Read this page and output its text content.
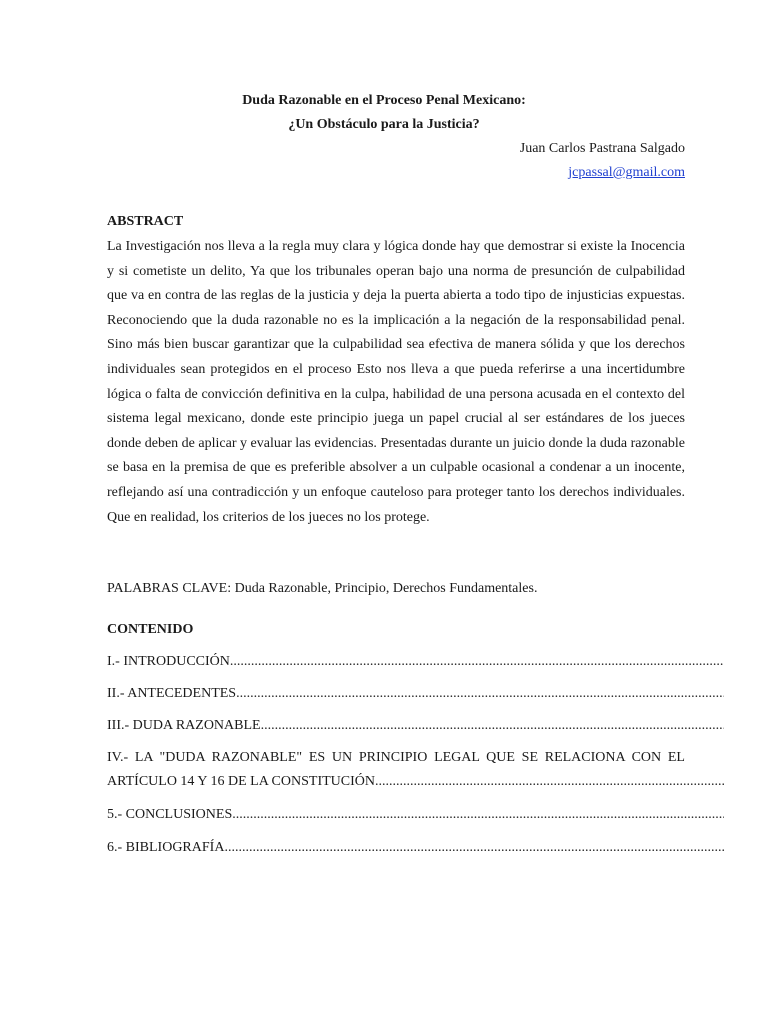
Duda Razonable en el Proceso Penal Mexicano:
¿Un Obstáculo para la Justicia?
Juan Carlos Pastrana Salgado
jcpassal@gmail.com
ABSTRACT

La Investigación nos lleva a la regla muy clara y lógica donde hay que demostrar si existe la Inocencia y si cometiste un delito, Ya que los tribunales operan bajo una norma de presunción de culpabilidad que va en contra de las reglas de la justicia y deja la puerta abierta a todo tipo de injusticias expuestas. Reconociendo que la duda razonable no es la implicación a la negación de la responsabilidad penal. Sino más bien buscar garantizar que la culpabilidad sea efectiva de manera sólida y que los derechos individuales sean protegidos en el proceso Esto nos lleva a que pueda referirse a una incertidumbre lógica o falta de convicción definitiva en la culpa, habilidad de una persona acusada en el contexto del sistema legal mexicano, donde este principio juega un papel crucial al ser estándares de los jueces donde deben de aplicar y evaluar las evidencias. Presentadas durante un juicio donde la duda razonable se basa en la premisa de que es preferible absolver a un culpable ocasional a condenar a un inocente, reflejando así una contradicción y un enfoque cauteloso para proteger tanto los derechos individuales. Que en realidad, los criterios de los jueces no los protege.

PALABRAS CLAVE: Duda Razonable, Principio, Derechos Fundamentales.
CONTENIDO
I.- INTRODUCCIÓN
.....
II.- ANTECEDENTES
.....
III.- DUDA RAZONABLE
.....
IV.- LA "DUDA RAZONABLE" ES UN PRINCIPIO LEGAL QUE SE RELACIONA CON EL
ARTÍCULO 14 Y 16 DE LA CONSTITUCIÓN
.....
5.- CONCLUSIONES
.....
6.- BIBLIOGRAFÍA
.....
